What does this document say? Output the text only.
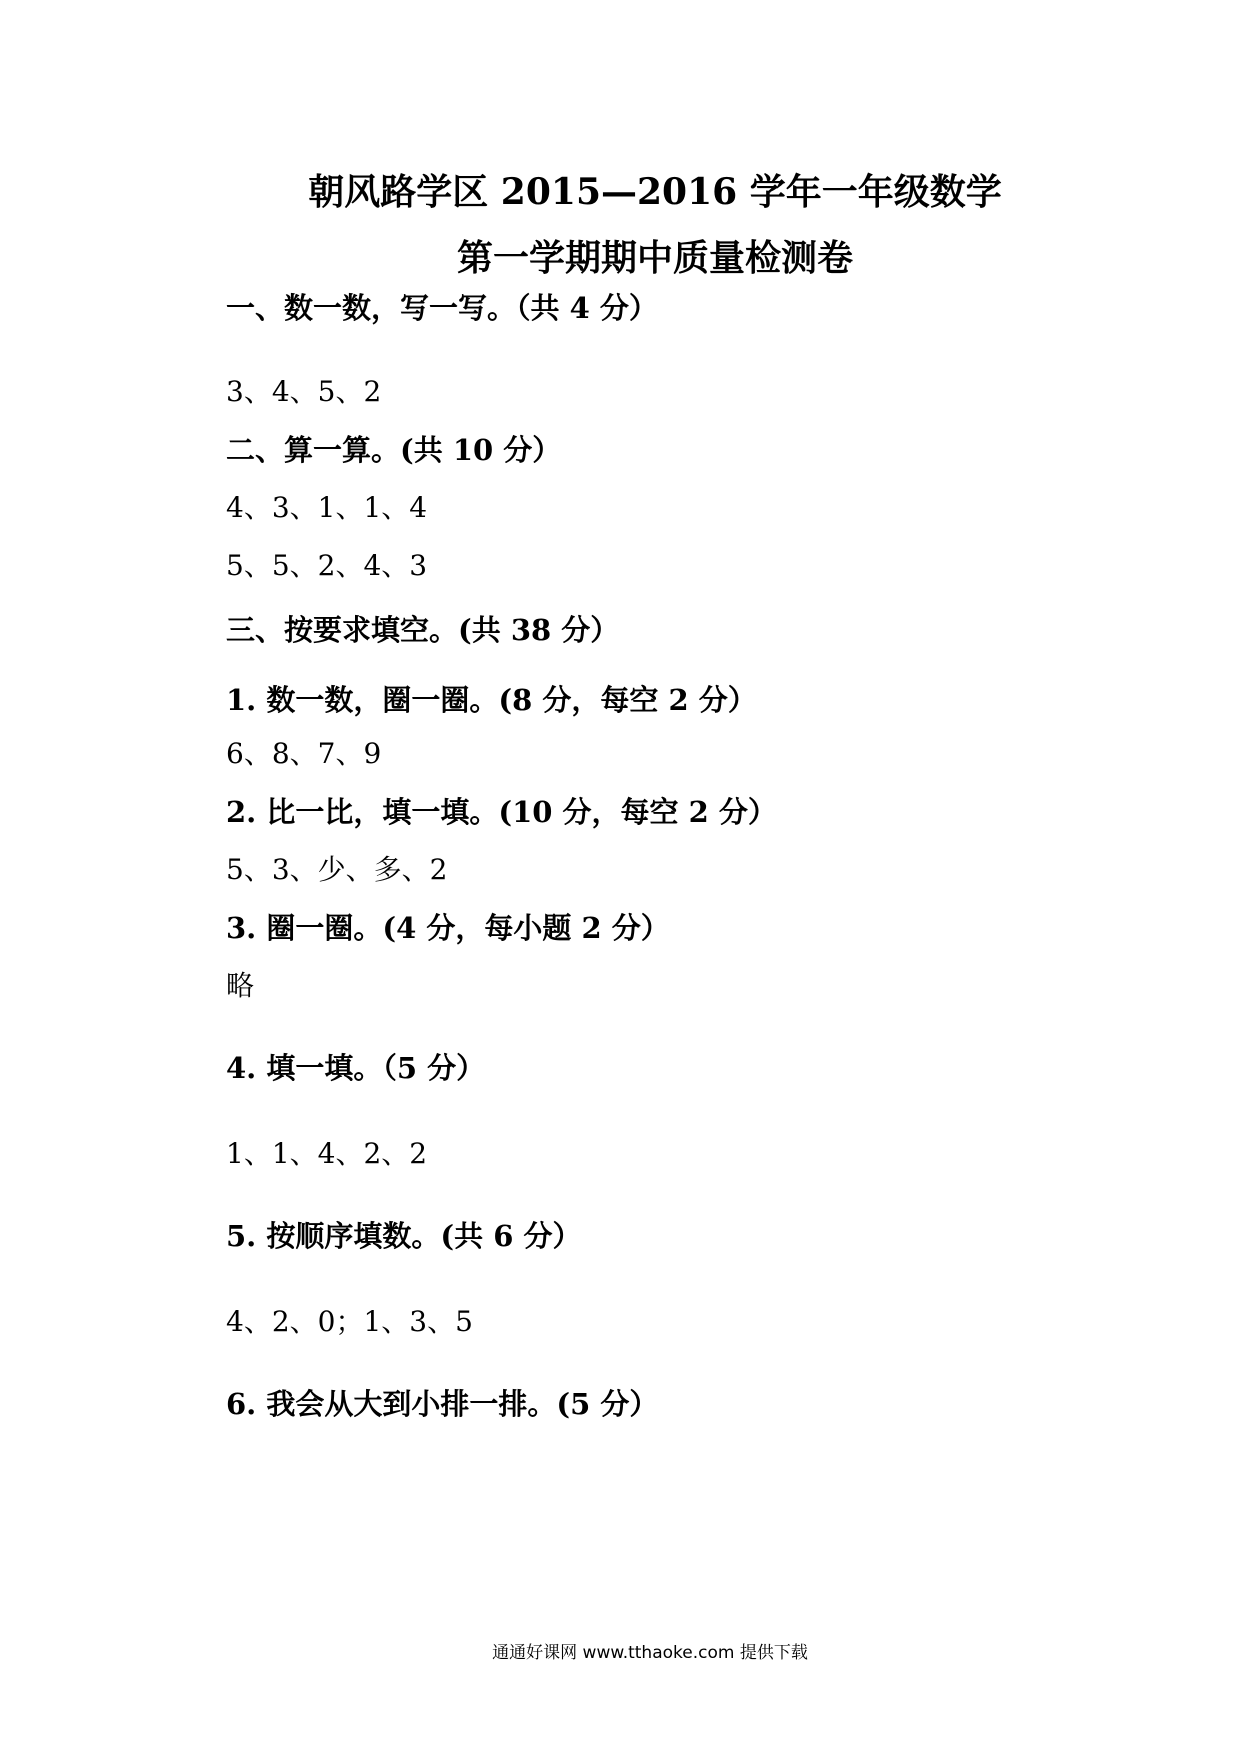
朝风路学区 2015—2016 学年一年级数学
第一学期期中质量检测卷
一、数一数，写一写。（共 4 分）
3、4、5、2
二、算一算。(共 10 分）
4、3、1、1、4
5、5、2、4、3
三、按要求填空。(共 38 分）
1. 数一数，圈一圈。(8 分，每空 2 分）
6、8、7、9
2. 比一比，填一填。(10 分，每空 2 分）
5、3、少、多、2
3. 圈一圈。(4 分，每小题 2 分）
略
4. 填一填。（5 分）
1、1、4、2、2
5. 按顺序填数。(共 6 分）
4、2、0；1、3、5
6. 我会从大到小排一排。(5 分）
通通好课网 www.tthaoke.com 提供下载
